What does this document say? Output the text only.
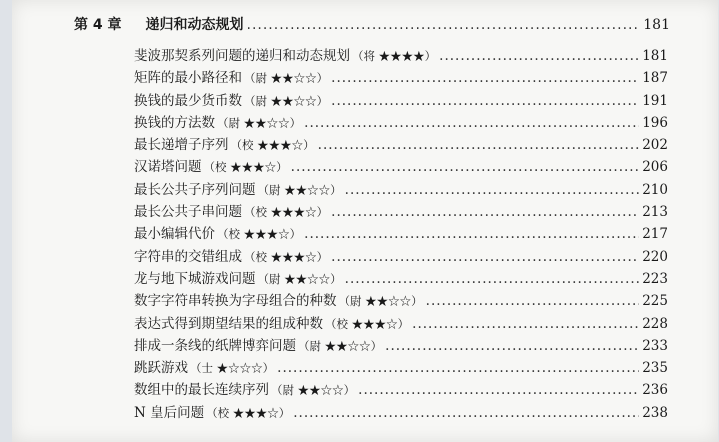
第 4 章 递归和动态规划 .....	181
斐波那契系列问题的递归和动态规划 （将 ★★★★） .....	181
矩阵的最小路径和 （尉 ★★☆☆） .....	187
换钱的最少货币数 （尉 ★★☆☆） .....	191
换钱的方法数 （尉 ★★☆☆） .....	196
最长递增子序列 （校 ★★★☆） .....	202
汉诺塔问题 （校 ★★★☆） .....	206
最长公共子序列问题 （尉 ★★☆☆） .....	210
最长公共子串问题 （校 ★★★☆） .....	213
最小编辑代价 （校 ★★★☆） .....	217
字符串的交错组成 （校 ★★★☆） .....	220
龙与地下城游戏问题 （尉 ★★☆☆） .....	223
数字字符串转换为字母组合的种数 （尉 ★★☆☆） .....	225
表达式得到期望结果的组成种数 （校 ★★★☆） .....	228
排成一条线的纸牌博弈问题 （尉 ★★☆☆） .....	233
跳跃游戏 （士 ★☆☆☆） .....	235
数组中的最长连续序列 （尉 ★★☆☆） .....	236
N 皇后问题 （校 ★★★☆） .....	238
